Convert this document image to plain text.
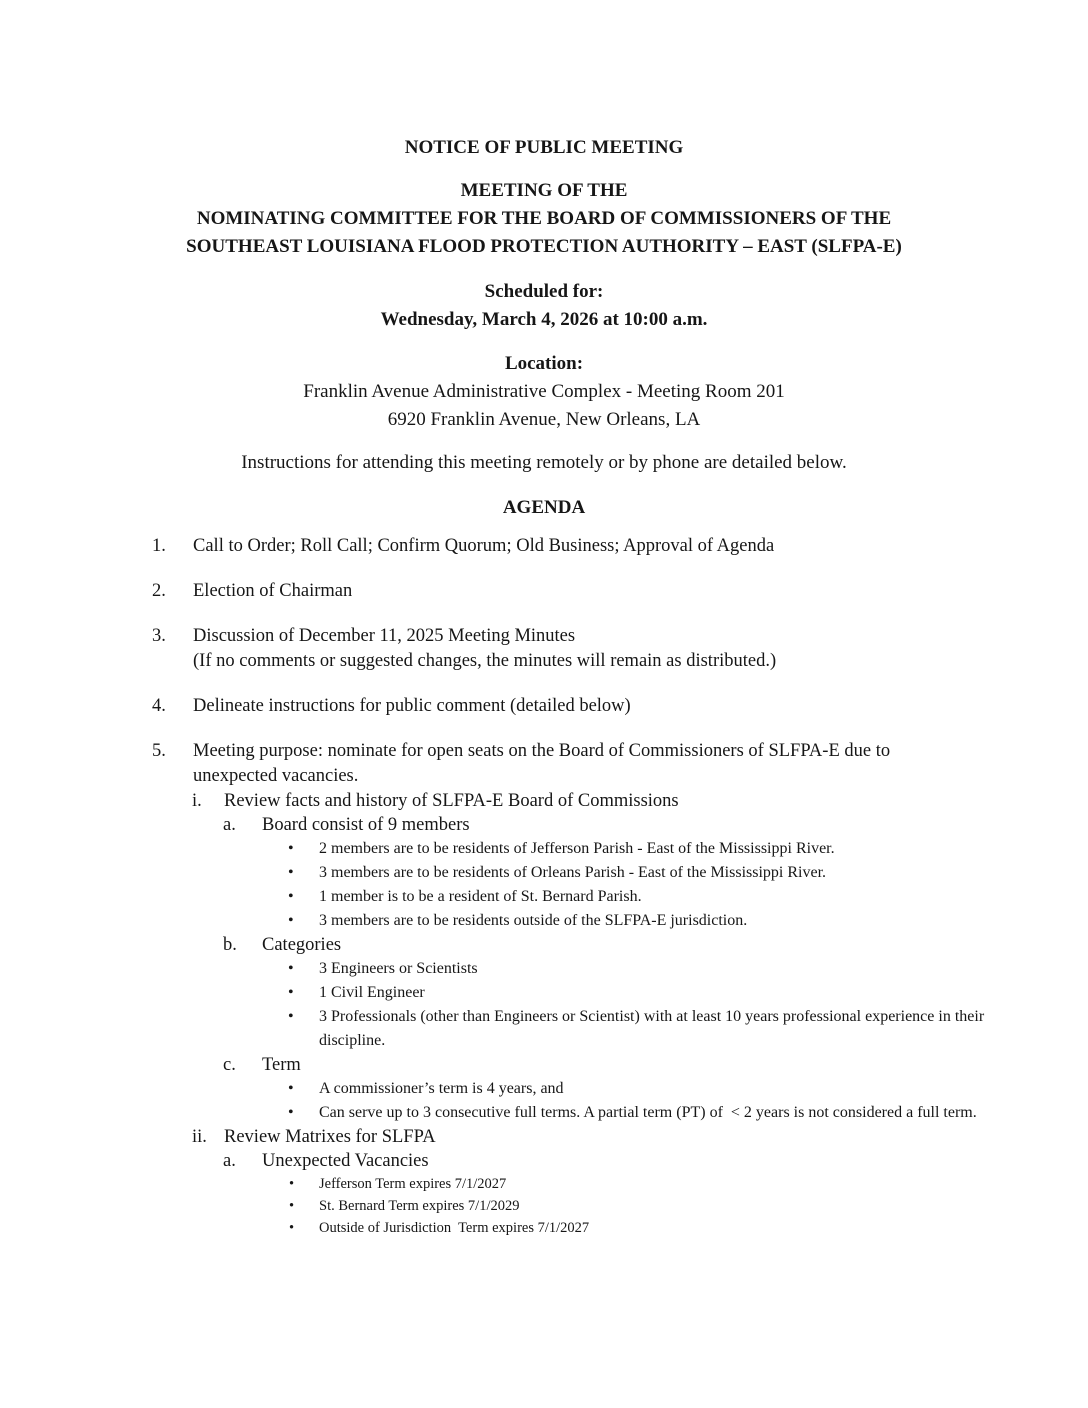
NOTICE OF PUBLIC MEETING
MEETING OF THE
NOMINATING COMMITTEE FOR THE BOARD OF COMMISSIONERS OF THE
SOUTHEAST LOUISIANA FLOOD PROTECTION AUTHORITY – EAST (SLFPA-E)
Scheduled for:
Wednesday, March 4, 2026 at 10:00 a.m.
Location:
Franklin Avenue Administrative Complex - Meeting Room 201
6920 Franklin Avenue, New Orleans, LA
Instructions for attending this meeting remotely or by phone are detailed below.
AGENDA
1.	Call to Order; Roll Call; Confirm Quorum; Old Business; Approval of Agenda
2.	Election of Chairman
3.	Discussion of December 11, 2025 Meeting Minutes
(If no comments or suggested changes, the minutes will remain as distributed.)
4.	Delineate instructions for public comment (detailed below)
5.	Meeting purpose: nominate for open seats on the Board of Commissioners of SLFPA-E due to unexpected vacancies.
i.	Review facts and history of SLFPA-E Board of Commissions
a.	Board consist of 9 members
•	2 members are to be residents of Jefferson Parish - East of the Mississippi River.
•	3 members are to be residents of Orleans Parish - East of the Mississippi River.
•	1 member is to be a resident of St. Bernard Parish.
•	3 members are to be residents outside of the SLFPA-E jurisdiction.
b.	Categories
•	3 Engineers or Scientists
•	1 Civil Engineer
•	3 Professionals (other than Engineers or Scientist) with at least 10 years professional experience in their discipline.
c.	Term
•	A commissioner’s term is 4 years, and
•	Can serve up to 3 consecutive full terms. A partial term (PT) of  < 2 years is not considered a full term.
ii. Review Matrixes for SLFPA
a.	Unexpected Vacancies
•	Jefferson Term expires 7/1/2027
•	St. Bernard Term expires 7/1/2029
•	Outside of Jurisdiction  Term expires 7/1/2027
